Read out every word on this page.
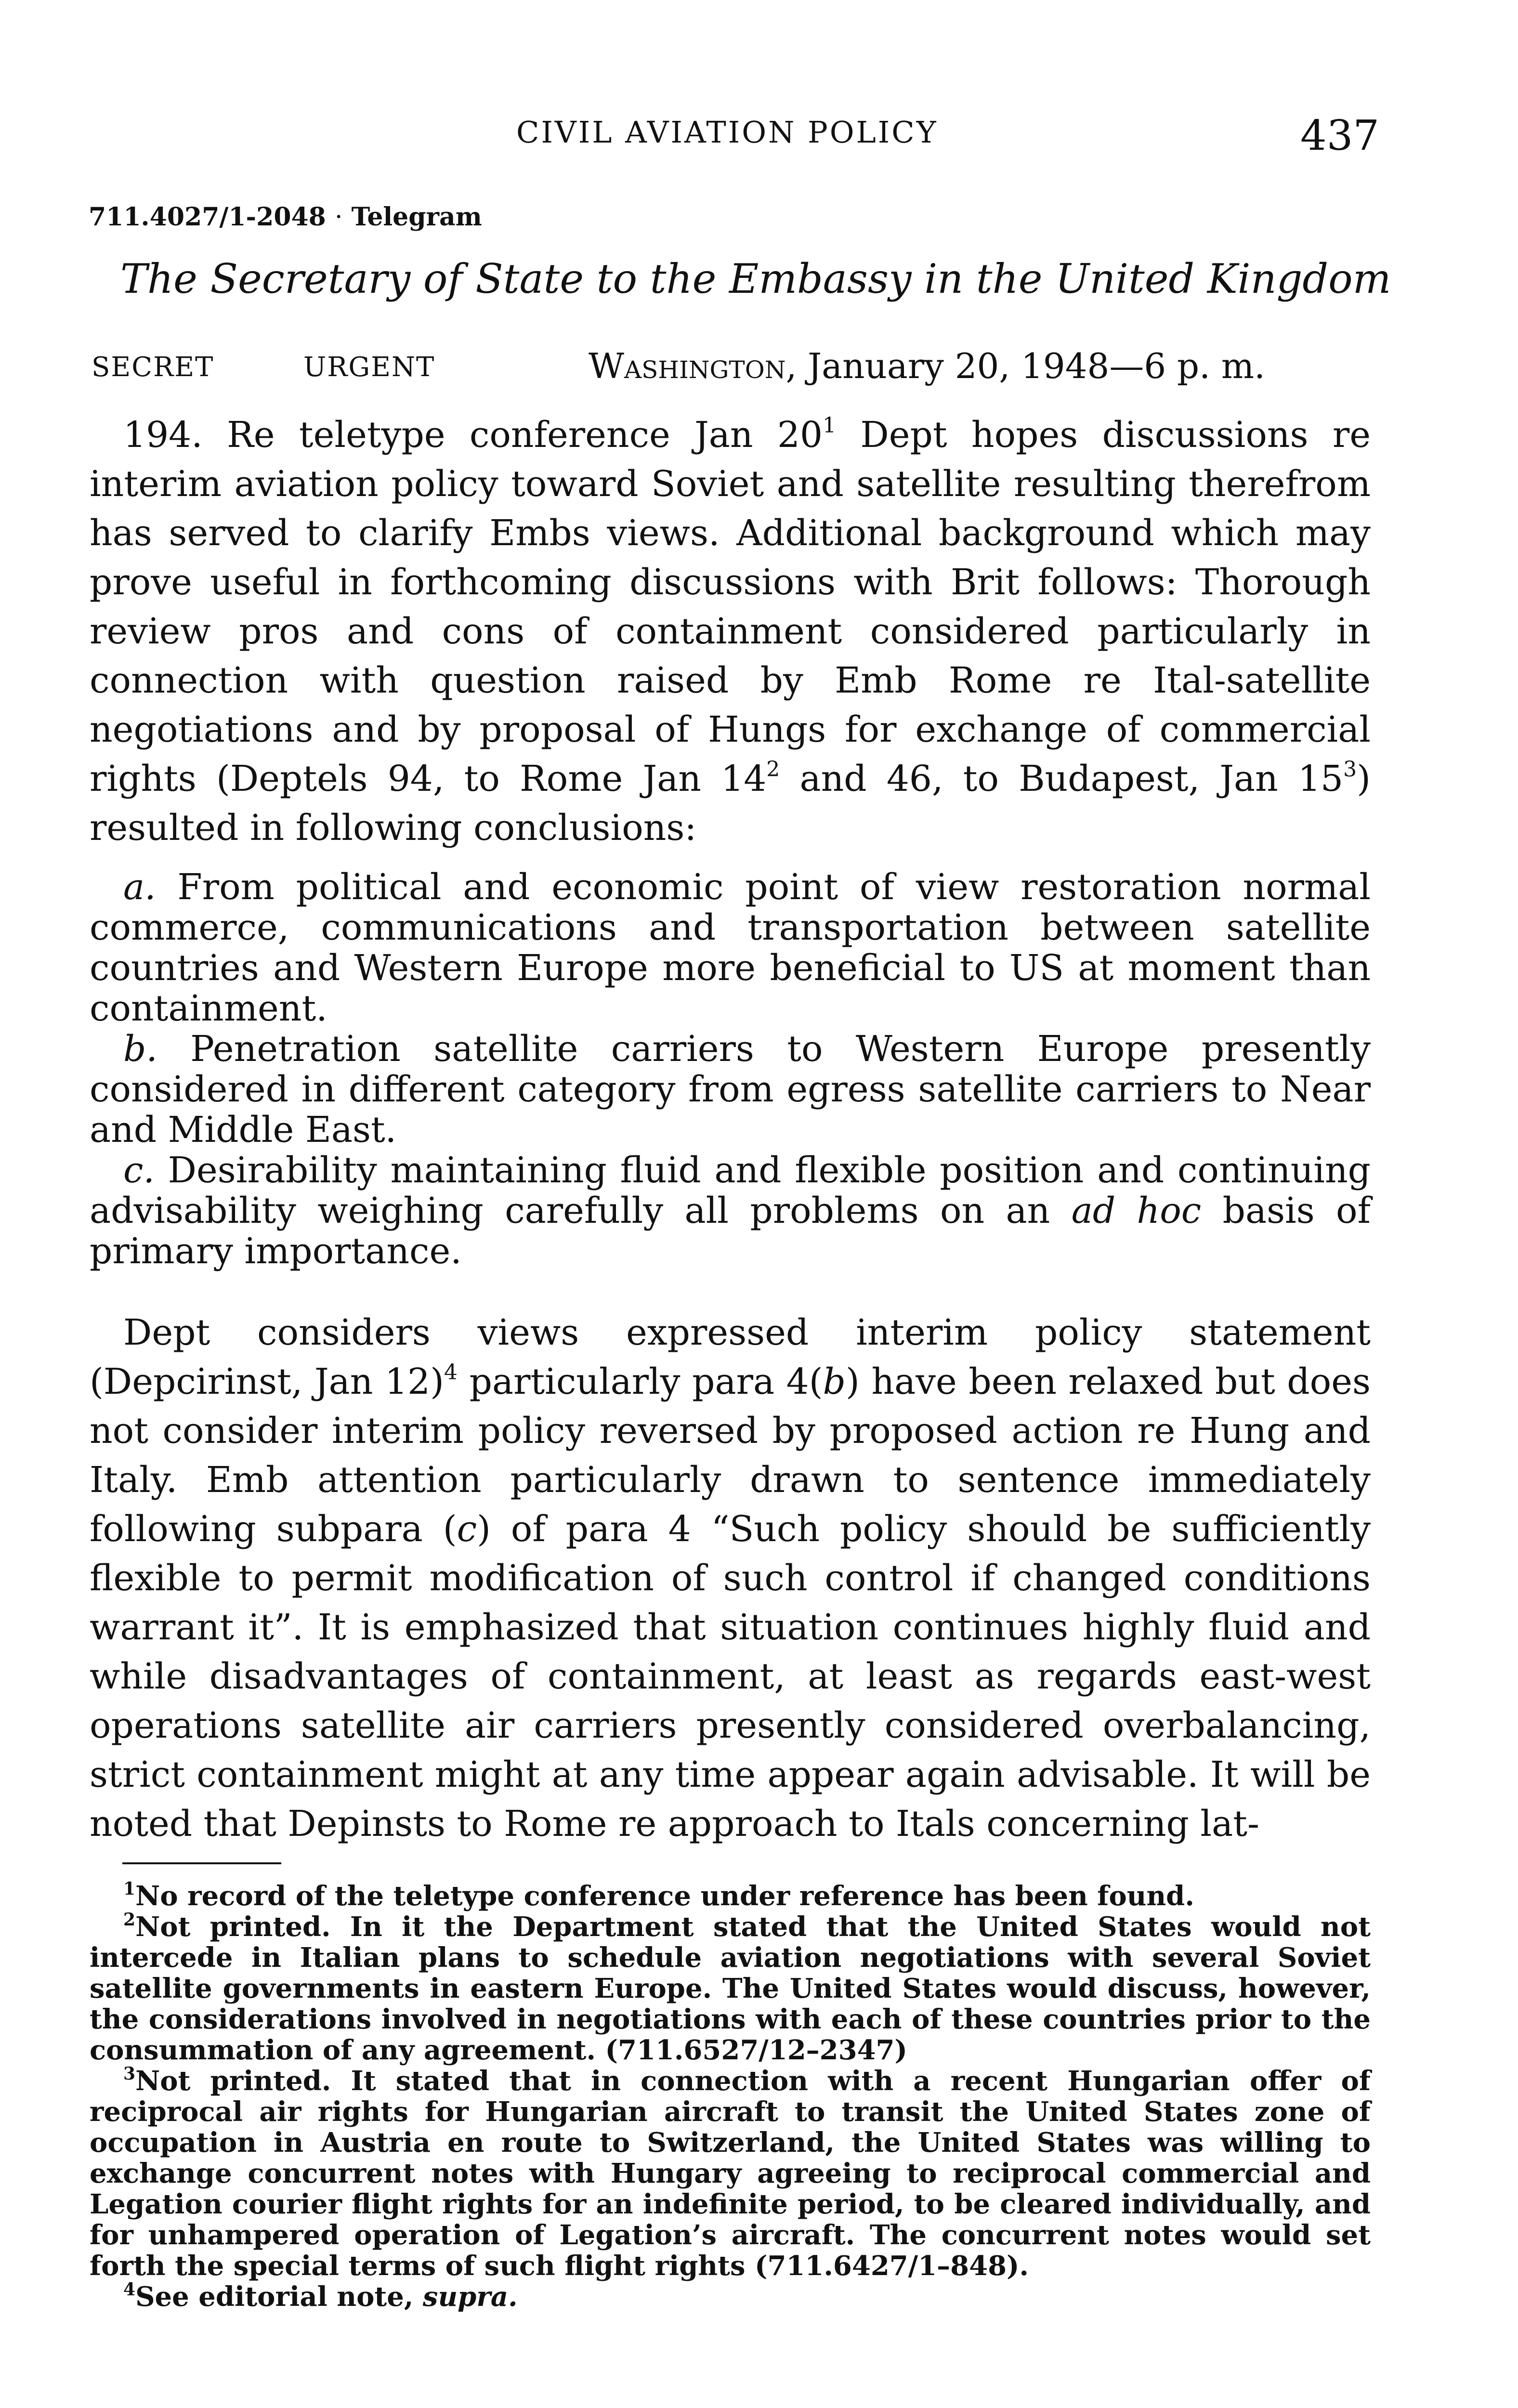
CIVIL AVIATION POLICY	437
711.4027/1-2048 · Telegram
The Secretary of State to the Embassy in the United Kingdom
SECRET	URGENT	Washington, January 20, 1948—6 p. m.

194. Re teletype conference Jan $20^1$ Dept hopes discussions re interim aviation policy toward Soviet and satellite resulting therefrom has served to clarify Embs views. Additional background which may prove useful in forthcoming discussions with Brit follows: Thorough review pros and cons of containment considered particularly in connection with question raised by Emb Rome re Ital-satellite negotiations and by proposal of Hungs for exchange of commercial rights (Deptels 94, to Rome Jan $14^2$ and 46, to Budapest, Jan $15^3$) resulted in following conclusions:

a. From political and economic point of view restoration normal commerce, communications and transportation between satellite countries and Western Europe more beneficial to US at moment than containment.

b. Penetration satellite carriers to Western Europe presently considered in different category from egress satellite carriers to Near and Middle East.

c. Desirability maintaining fluid and flexible position and continuing advisability weighing carefully all problems on an ad hoc basis of primary importance.

Dept considers views expressed interim policy statement (Depcirinst, Jan 12)$^4$ particularly para 4(b) have been relaxed but does not consider interim policy reversed by proposed action re Hung and Italy. Emb attention particularly drawn to sentence immediately following subpara (c) of para 4 “Such policy should be sufficiently flexible to permit modification of such control if changed conditions warrant it”. It is emphasized that situation continues highly fluid and while disadvantages of containment, at least as regards east-west operations satellite air carriers presently considered overbalancing, strict containment might at any time appear again advisable. It will be noted that Depinsts to Rome re approach to Itals concerning lat-

$^1$No record of the teletype conference under reference has been found.

$^2$Not printed. In it the Department stated that the United States would not intercede in Italian plans to schedule aviation negotiations with several Soviet satellite governments in eastern Europe. The United States would discuss, however, the considerations involved in negotiations with each of these countries prior to the consummation of any agreement. (711.6527/12–2347)

$^3$Not printed. It stated that in connection with a recent Hungarian offer of reciprocal air rights for Hungarian aircraft to transit the United States zone of occupation in Austria en route to Switzerland, the United States was willing to exchange concurrent notes with Hungary agreeing to reciprocal commercial and Legation courier flight rights for an indefinite period, to be cleared individually, and for unhampered operation of Legation’s aircraft. The concurrent notes would set forth the special terms of such flight rights (711.6427/1–848).

$^4$See editorial note, supra.
